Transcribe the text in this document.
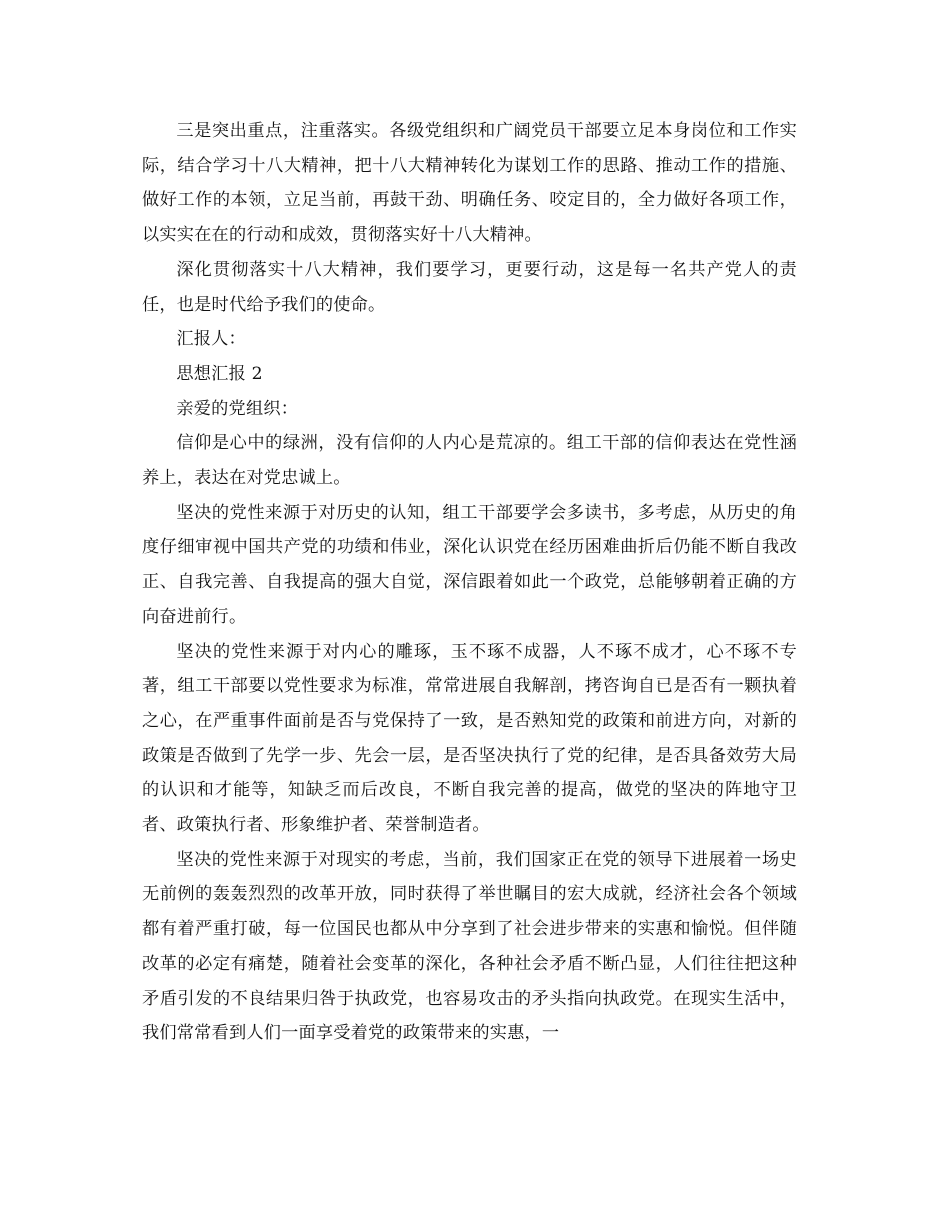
三是突出重点，注重落实。各级党组织和广阔党员干部要立足本身岗位和工作实际，结合学习十八大精神，把十八大精神转化为谋划工作的思路、推动工作的措施、做好工作的本领，立足当前，再鼓干劲、明确任务、咬定目的，全力做好各项工作，以实实在在的行动和成效，贯彻落实好十八大精神。

深化贯彻落实十八大精神，我们要学习，更要行动，这是每一名共产党人的责任，也是时代给予我们的使命。

汇报人：

思想汇报 2

亲爱的党组织：

信仰是心中的绿洲，没有信仰的人内心是荒凉的。组工干部的信仰表达在党性涵养上，表达在对党忠诚上。

坚决的党性来源于对历史的认知，组工干部要学会多读书，多考虑，从历史的角度仔细审视中国共产党的功绩和伟业，深化认识党在经历困难曲折后仍能不断自我改正、自我完善、自我提高的强大自觉，深信跟着如此一个政党，总能够朝着正确的方向奋进前行。

坚决的党性来源于对内心的雕琢，玉不琢不成器，人不琢不成才，心不琢不专著，组工干部要以党性要求为标准，常常进展自我解剖，拷咨询自已是否有一颗执着之心，在严重事件面前是否与党保持了一致，是否熟知党的政策和前进方向，对新的政策是否做到了先学一步、先会一层，是否坚决执行了党的纪律，是否具备效劳大局的认识和才能等，知缺乏而后改良，不断自我完善的提高，做党的坚决的阵地守卫者、政策执行者、形象维护者、荣誉制造者。

坚决的党性来源于对现实的考虑，当前，我们国家正在党的领导下进展着一场史无前例的轰轰烈烈的改革开放，同时获得了举世瞩目的宏大成就，经济社会各个领域都有着严重打破，每一位国民也都从中分享到了社会进步带来的实惠和愉悦。但伴随改革的必定有痛楚，随着社会变革的深化，各种社会矛盾不断凸显，人们往往把这种矛盾引发的不良结果归咎于执政党，也容易攻击的矛头指向执政党。在现实生活中，我们常常看到人们一面享受着党的政策带来的实惠，一
